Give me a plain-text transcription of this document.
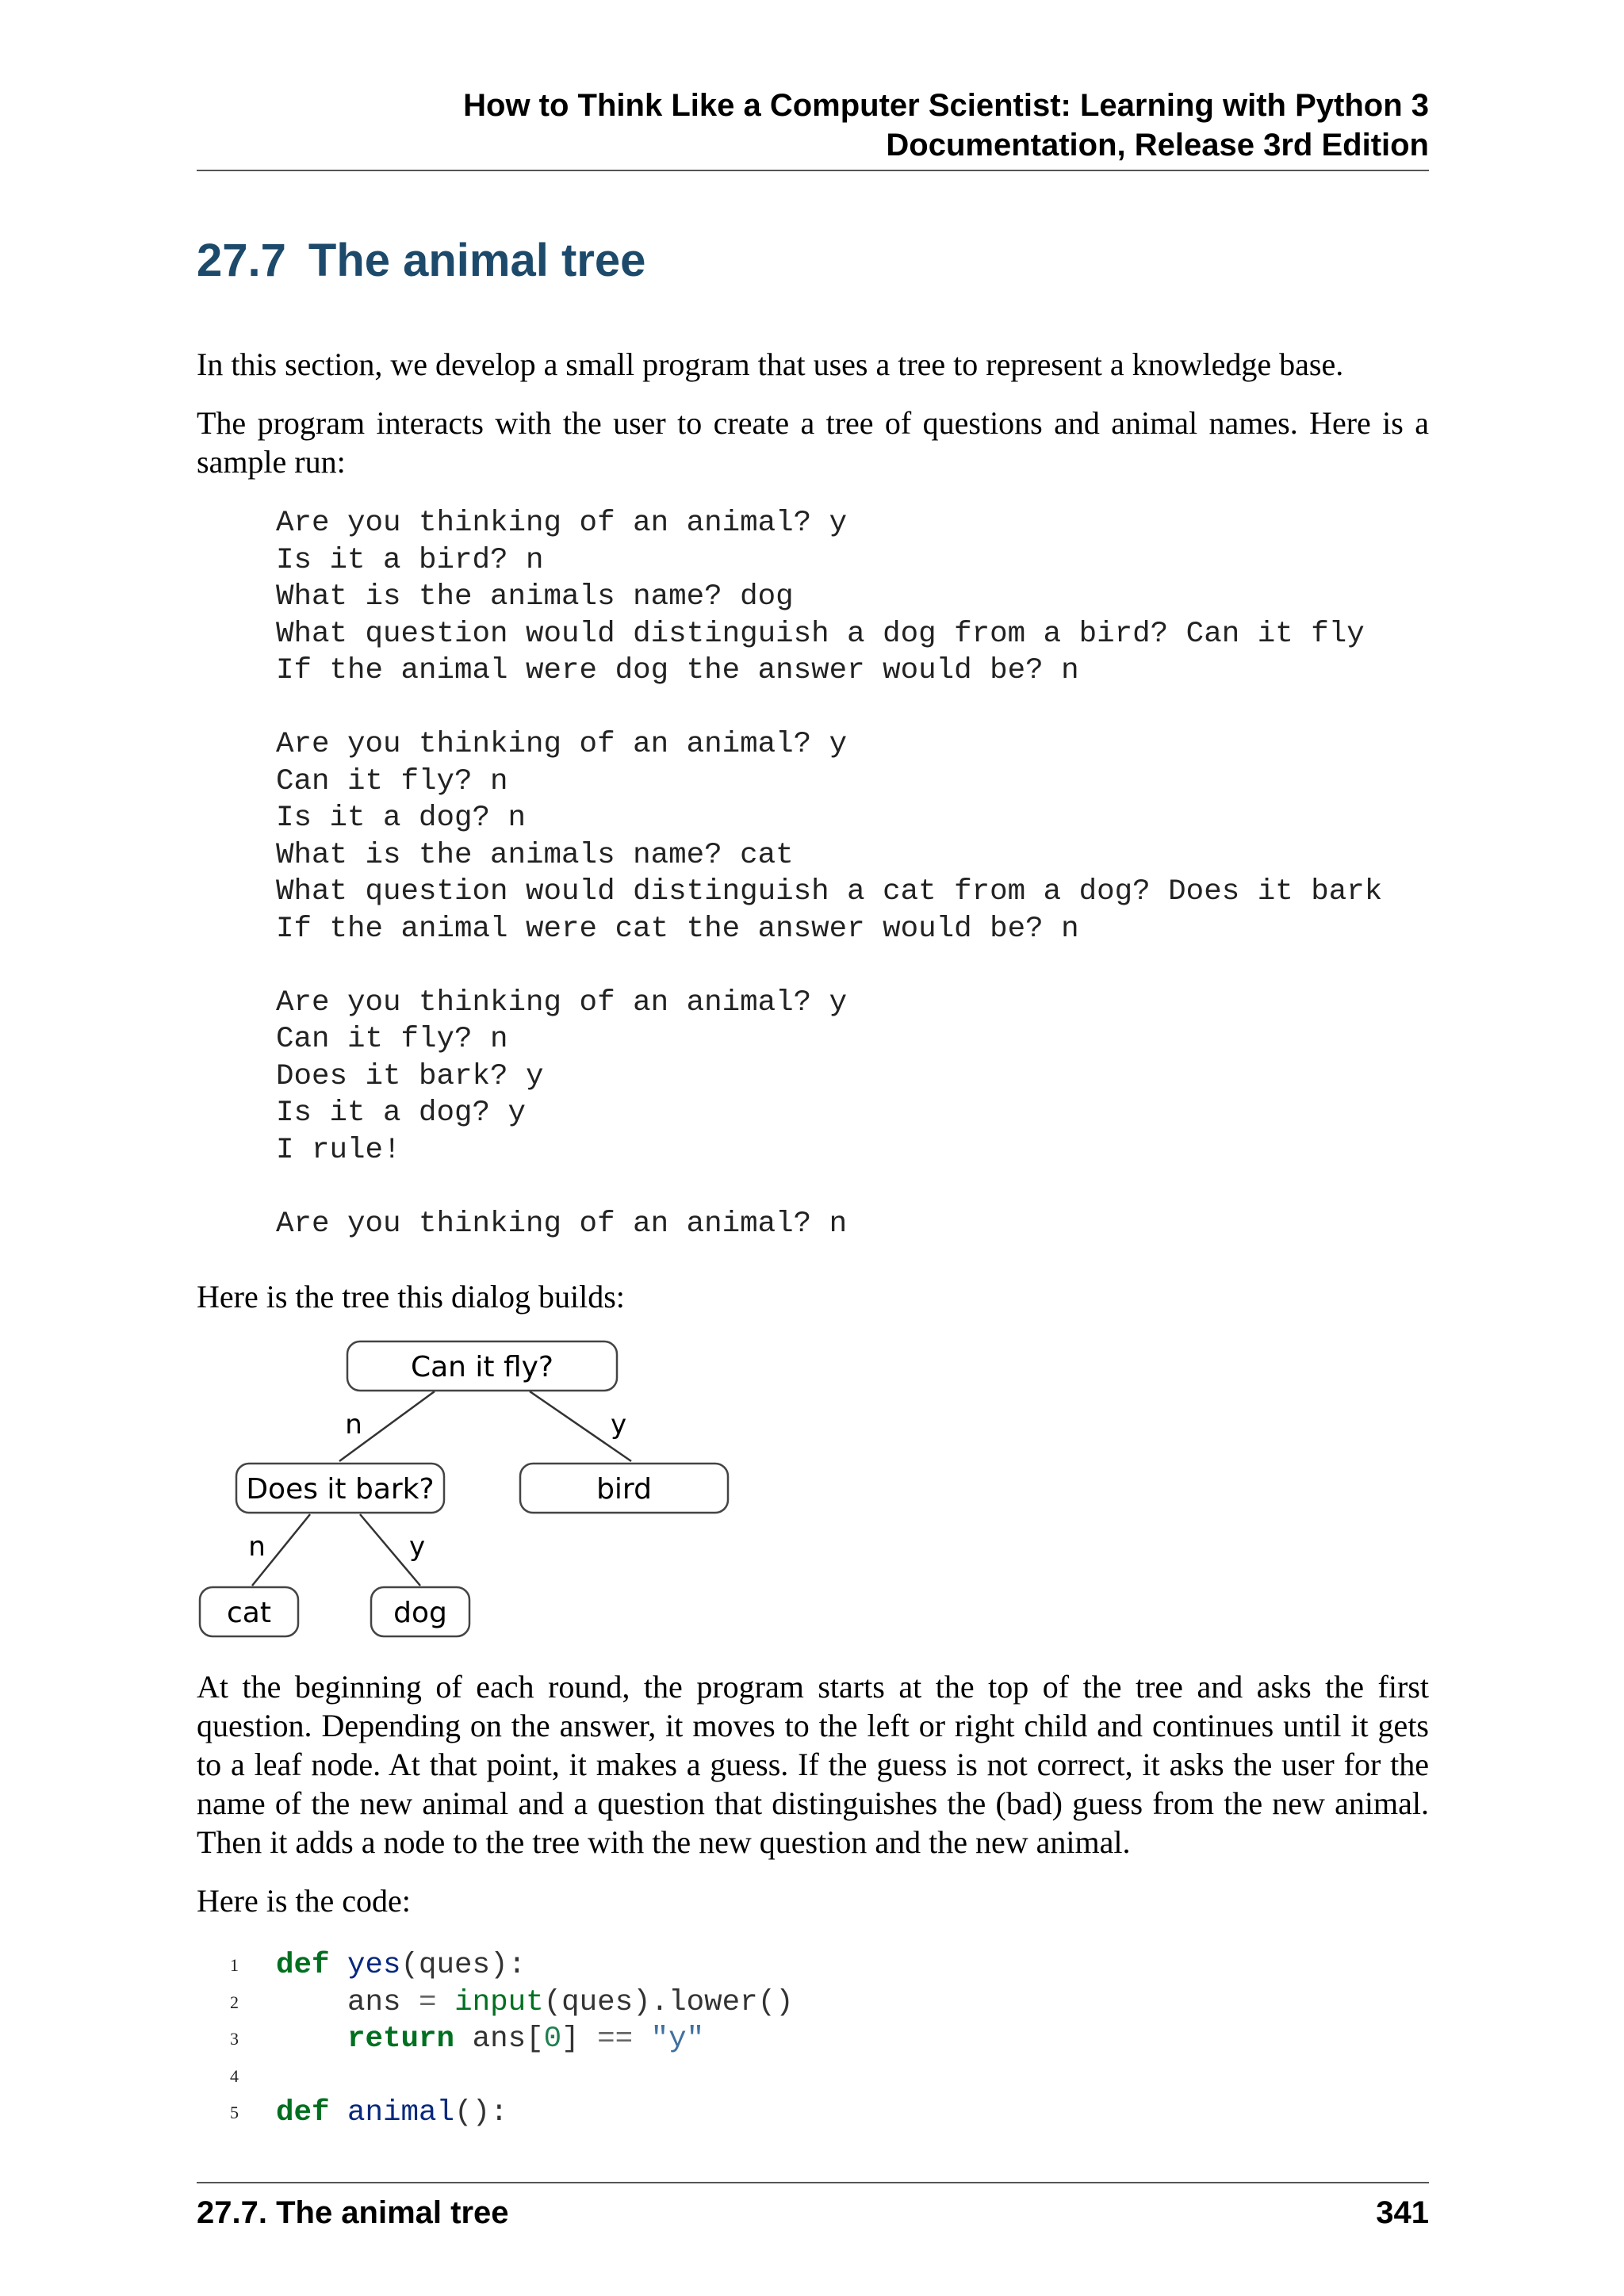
How to Think Like a Computer Scientist: Learning with Python 3
Documentation, Release 3rd Edition
27.7 The animal tree

In this section, we develop a small program that uses a tree to represent a knowledge base.

The program interacts with the user to create a tree of questions and animal names. Here is a sample run:

Are you thinking of an animal? y
Is it a bird? n
What is the animals name? dog
What question would distinguish a dog from a bird? Can it fly
If the animal were dog the answer would be? n

Are you thinking of an animal? y
Can it fly? n
Is it a dog? n
What is the animals name? cat
What question would distinguish a cat from a dog? Does it bark
If the animal were cat the answer would be? n

Are you thinking of an animal? y
Can it fly? n
Does it bark? y
Is it a dog? y
I rule!

Are you thinking of an animal? n

Here is the tree this dialog builds:

Can it fly?
Does it bark?	bird
cat	dog
n	y
n	y

At the beginning of each round, the program starts at the top of the tree and asks the first question. Depending on the answer, it moves to the left or right child and continues until it gets to a leaf node. At that point, it makes a guess. If the guess is not correct, it asks the user for the name of the new animal and a question that distinguishes the (bad) guess from the new animal. Then it adds a node to the tree with the new question and the new animal.

Here is the code:

1

def yes(ques):

2

	ans = input(ques).lower()

3

	return ans[0] == "y"

4

5

def animal():

27.7. The animal tree	341
